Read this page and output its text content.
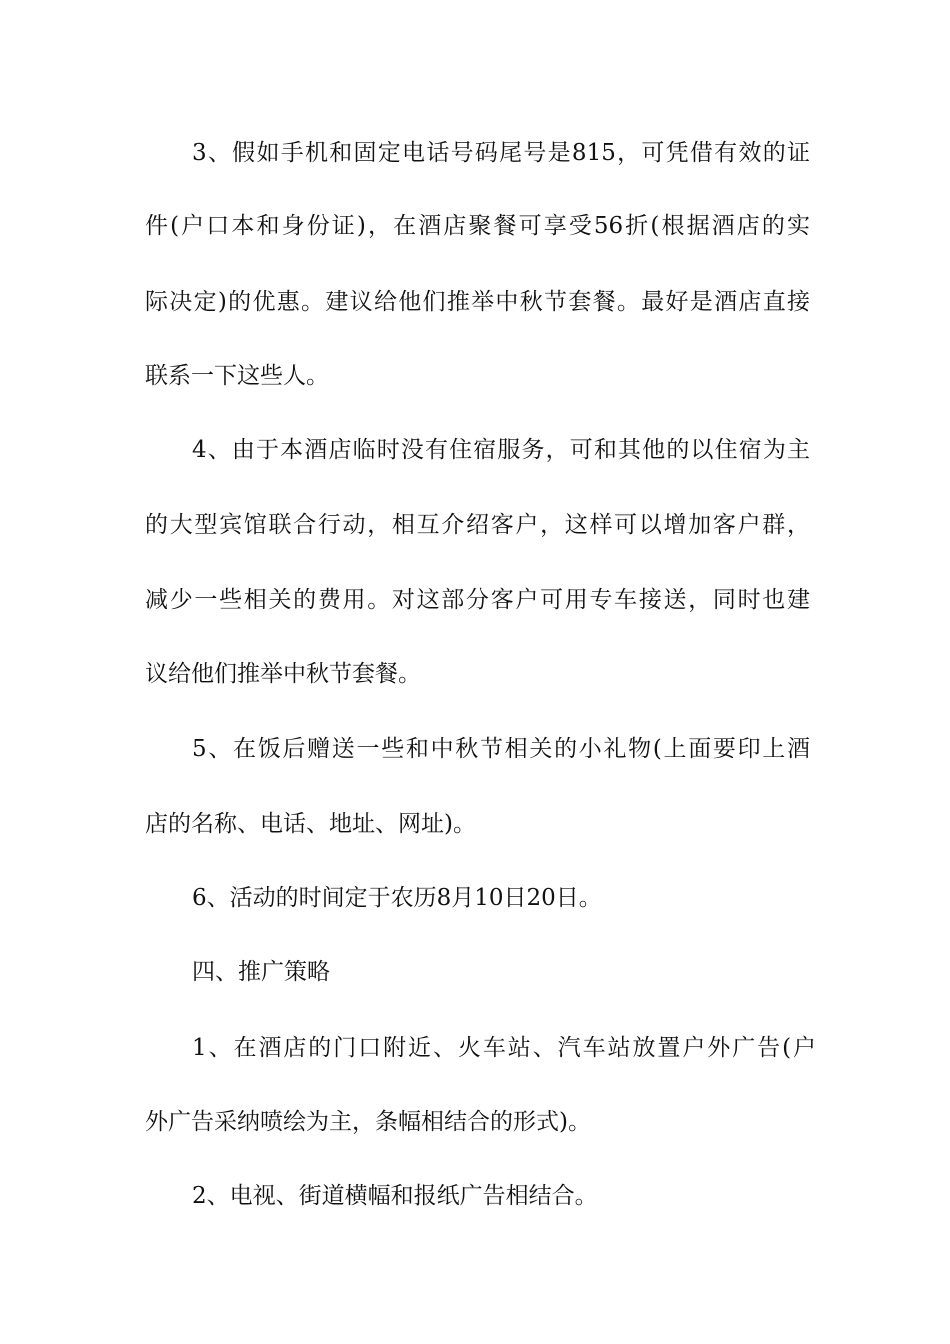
3、假如手机和固定电话号码尾号是815，可凭借有效的证
件(户口本和身份证)，在酒店聚餐可享受56折(根据酒店的实
际决定)的优惠。建议给他们推举中秋节套餐。最好是酒店直接
联系一下这些人。
4、由于本酒店临时没有住宿服务，可和其他的以住宿为主
的大型宾馆联合行动，相互介绍客户，这样可以增加客户群，
减少一些相关的费用。对这部分客户可用专车接送，同时也建
议给他们推举中秋节套餐。
5、在饭后赠送一些和中秋节相关的小礼物(上面要印上酒
店的名称、电话、地址、网址)。
6、活动的时间定于农历8月10日20日。
四、推广策略
1、在酒店的门口附近、火车站、汽车站放置户外广告(户
外广告采纳喷绘为主，条幅相结合的形式)。
2、电视、街道横幅和报纸广告相结合。
